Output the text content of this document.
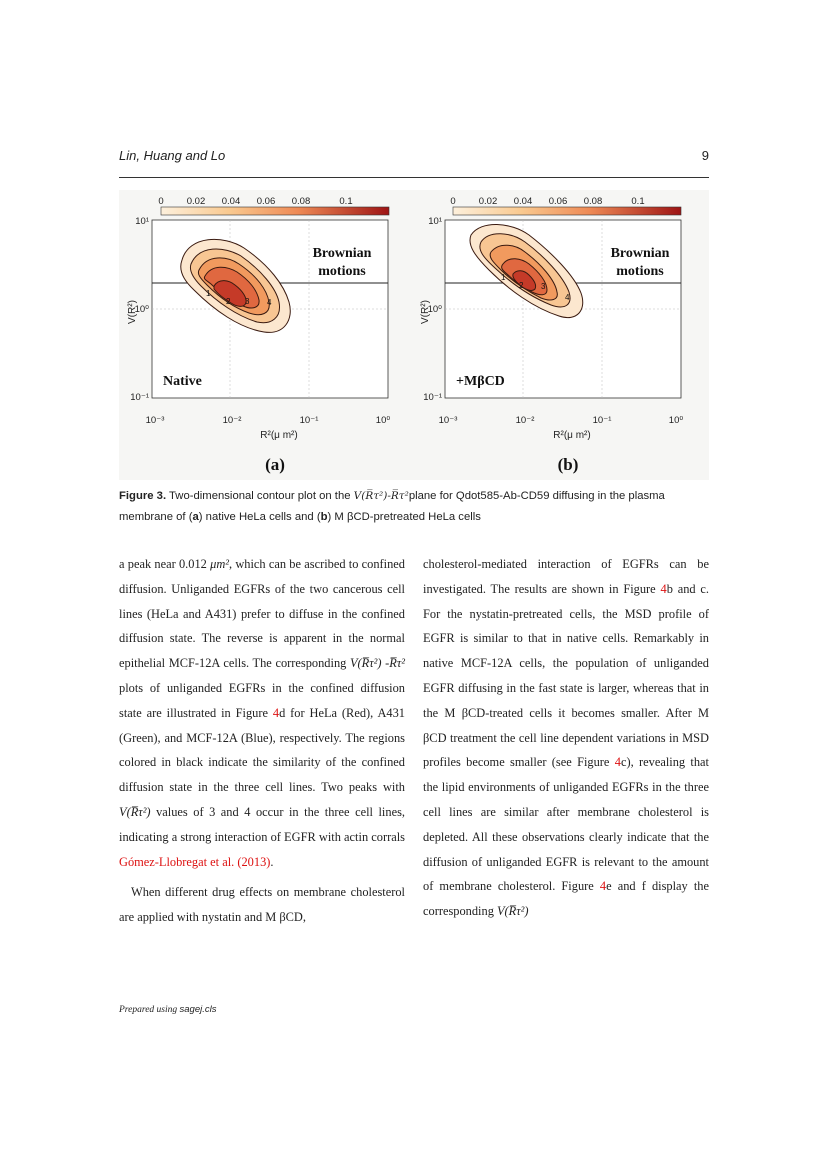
Lin, Huang and Lo	9
0 0.02 0.04 0.06 0.08	0.1
1
2 3 4
Brownian
motions
Native
10¹
10⁰
10⁻¹
10⁻³	10⁻²	10⁻¹	10⁰
V(R²)
R²(μ m²)
(a)
0 0.02 0.04 0.06 0.08	0.1
1
2 3
4
Brownian
motions
+MβCD
10¹
10⁰
10⁻¹
10⁻³	10⁻²	10⁻¹	10⁰
V(R²)
R²(μ m²)
(b)
Figure 3. Two-dimensional contour plot on the V(R̅τ²)-R̅τ²plane for Qdot585-Ab-CD59 diffusing in the plasma membrane of (a) native HeLa cells and (b) M βCD-pretreated HeLa cells

a peak near 0.012 μm², which can be ascribed to confined diffusion. Unliganded EGFRs of the two cancerous cell lines (HeLa and A431) prefer to diffuse in the confined diffusion state. The reverse is apparent in the normal epithelial MCF-12A cells. The corresponding V(R̅τ²) -R̅τ² plots of unliganded EGFRs in the confined diffusion state are illustrated in Figure 4d for HeLa (Red), A431 (Green), and MCF-12A (Blue), respectively. The regions colored in black indicate the similarity of the confined diffusion state in the three cell lines. Two peaks with V(R̅τ²) values of 3 and 4 occur in the three cell lines, indicating a strong interaction of EGFR with actin corrals Gómez-Llobregat et al. (2013).

When different drug effects on membrane cholesterol are applied with nystatin and M βCD,

cholesterol-mediated interaction of EGFRs can be investigated. The results are shown in Figure 4b and c. For the nystatin-pretreated cells, the MSD profile of EGFR is similar to that in native cells. Remarkably in native MCF-12A cells, the population of unliganded EGFR diffusing in the fast state is larger, whereas that in the M βCD-treated cells it becomes smaller. After M βCD treatment the cell line dependent variations in MSD profiles become smaller (see Figure 4c), revealing that the lipid environments of unliganded EGFRs in the three cell lines are similar after membrane cholesterol is depleted. All these observations clearly indicate that the diffusion of unliganded EGFR is relevant to the amount of membrane cholesterol. Figure 4e and f display the corresponding V(R̅τ²)

Prepared using sagej.cls
